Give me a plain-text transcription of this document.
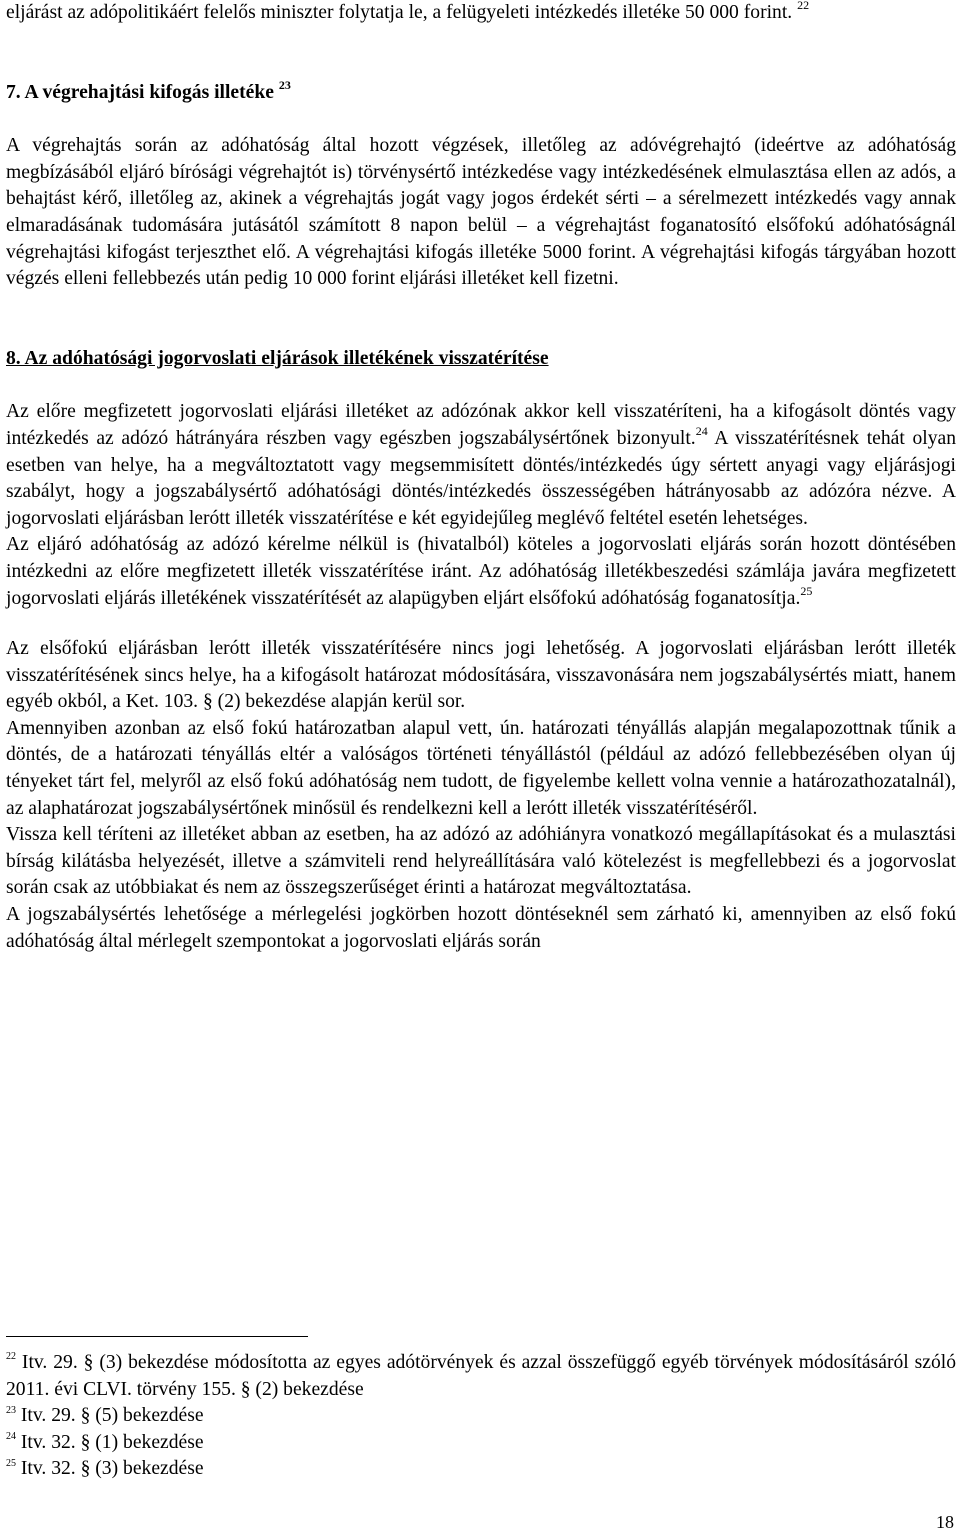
eljárást az adópolitikáért felelős miniszter folytatja le, a felügyeleti intézkedés illetéke 50 000 forint. $^{22}$

7. A végrehajtási kifogás illetéke $^{23}$

A végrehajtás során az adóhatóság által hozott végzések, illetőleg az adóvégrehajtó (ideértve az adóhatóság megbízásából eljáró bírósági végrehajtót is) törvénysértő intézkedése vagy intézkedésének elmulasztása ellen az adós, a behajtást kérő, illetőleg az, akinek a végrehajtás jogát vagy jogos érdekét sérti – a sérelmezett intézkedés vagy annak elmaradásának tudomására jutásától számított 8 napon belül – a végrehajtást foganatosító elsőfokú adóhatóságnál végrehajtási kifogást terjeszthet elő. A végrehajtási kifogás illetéke 5000 forint. A végrehajtási kifogás tárgyában hozott végzés elleni fellebbezés után pedig 10 000 forint eljárási illetéket kell fizetni.

8. Az adóhatósági jogorvoslati eljárások illetékének visszatérítése

Az előre megfizetett jogorvoslati eljárási illetéket az adózónak akkor kell visszatéríteni, ha a kifogásolt döntés vagy intézkedés az adózó hátrányára részben vagy egészben jogszabálysértőnek bizonyult.$^{24}$ A visszatérítésnek tehát olyan esetben van helye, ha a megváltoztatott vagy megsemmisített döntés/intézkedés úgy sértett anyagi vagy eljárásjogi szabályt, hogy a jogszabálysértő adóhatósági döntés/intézkedés összességében hátrányosabb az adózóra nézve. A jogorvoslati eljárásban lerótt illeték visszatérítése e két egyidejűleg meglévő feltétel esetén lehetséges.

Az eljáró adóhatóság az adózó kérelme nélkül is (hivatalból) köteles a jogorvoslati eljárás során hozott döntésében intézkedni az előre megfizetett illeték visszatérítése iránt. Az adóhatóság illetékbeszedési számlája javára megfizetett jogorvoslati eljárás illetékének visszatérítését az alapügyben eljárt elsőfokú adóhatóság foganatosítja.$^{25}$

Az elsőfokú eljárásban lerótt illeték visszatérítésére nincs jogi lehetőség. A jogorvoslati eljárásban lerótt illeték visszatérítésének sincs helye, ha a kifogásolt határozat módosítására, visszavonására nem jogszabálysértés miatt, hanem egyéb okból, a Ket. 103. § (2) bekezdése alapján kerül sor.

Amennyiben azonban az első fokú határozatban alapul vett, ún. határozati tényállás alapján megalapozottnak tűnik a döntés, de a határozati tényállás eltér a valóságos történeti tényállástól (például az adózó fellebbezésében olyan új tényeket tárt fel, melyről az első fokú adóhatóság nem tudott, de figyelembe kellett volna vennie a határozathozatalnál), az alaphatározat jogszabálysértőnek minősül és rendelkezni kell a lerótt illeték visszatérítéséről.

Vissza kell téríteni az illetéket abban az esetben, ha az adózó az adóhiányra vonatkozó megállapításokat és a mulasztási bírság kilátásba helyezését, illetve a számviteli rend helyreállítására való kötelezést is megfellebbezi és a jogorvoslat során csak az utóbbiakat és nem az összegszerűséget érinti a határozat megváltoztatása.

A jogszabálysértés lehetősége a mérlegelési jogkörben hozott döntéseknél sem zárható ki, amennyiben az első fokú adóhatóság által mérlegelt szempontokat a jogorvoslati eljárás során

$^{22}$ Itv. 29. § (3) bekezdése módosította az egyes adótörvények és azzal összefüggő egyéb törvények módosításáról szóló 2011. évi CLVI. törvény 155. § (2) bekezdése

$^{23}$ Itv. 29. § (5) bekezdése

$^{24}$ Itv. 32. § (1) bekezdése

$^{25}$ Itv. 32. § (3) bekezdése

18
